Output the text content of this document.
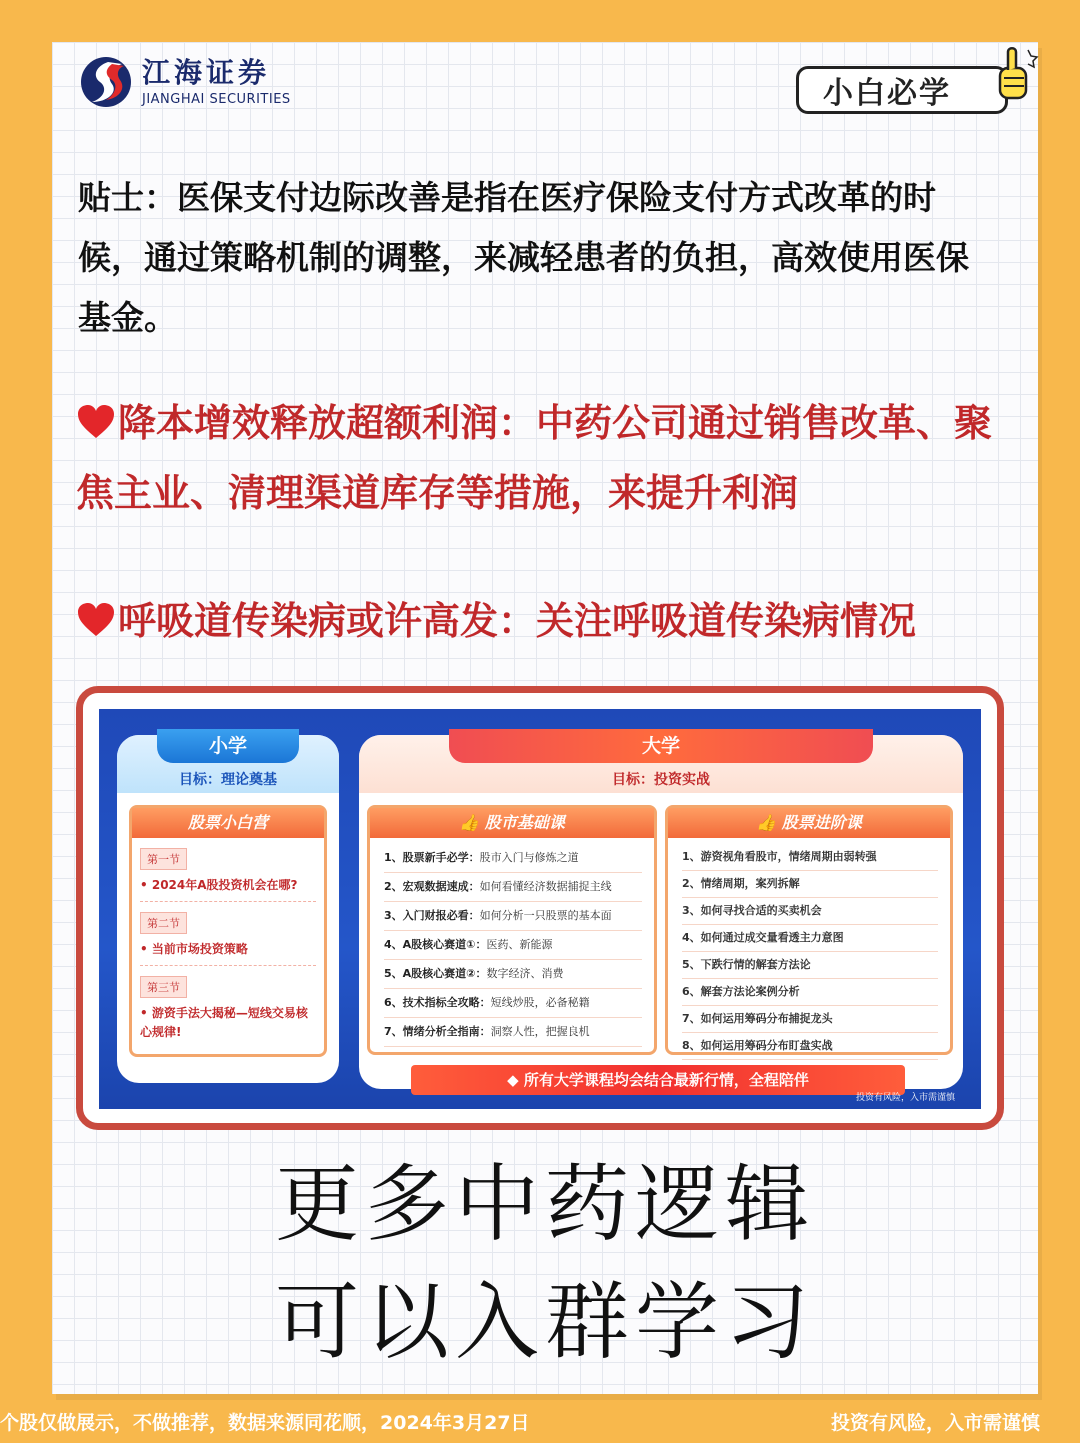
江海证券
JIANGHAI SECURITIES	小白必学
贴士：医保支付边际改善是指在医疗保险支付方式改革的时候，通过策略机制的调整，来减轻患者的负担，高效使用医保基金。
降本增效释放超额利润：中药公司通过销售改革、聚焦主业、清理渠道库存等措施，来提升利润
呼吸道传染病或许高发：关注呼吸道传染病情况
小学
目标：理论奠基
股票小白营
第一节
• 2024年A股投资机会在哪?
第二节
• 当前市场投资策略
第三节
• 游资手法大揭秘—短线交易核心规律!
大学
目标：投资实战
👍 股市基础课
1、股票新手必学：股市入门与修炼之道
2、宏观数据速成：如何看懂经济数据捕捉主线
3、入门财报必看：如何分析一只股票的基本面
4、A股核心赛道①：医药、新能源
5、A股核心赛道②：数字经济、消费
6、技术指标全攻略：短线炒股，必备秘籍
7、情绪分析全指南：洞察人性，把握良机
👍 股票进阶课
1、游资视角看股市，情绪周期由弱转强
2、情绪周期，案列拆解
3、如何寻找合适的买卖机会
4、如何通过成交量看透主力意图
5、下跌行情的解套方法论
6、解套方法论案例分析
7、如何运用筹码分布捕捉龙头
8、如何运用筹码分布盯盘实战
◆ 所有大学课程均会结合最新行情，全程陪伴
投资有风险，入市需谨慎
更多中药逻辑
可以入群学习
个股仅做展示，不做推荐，数据来源同花顺，2024年3月27日	投资有风险，入市需谨慎
